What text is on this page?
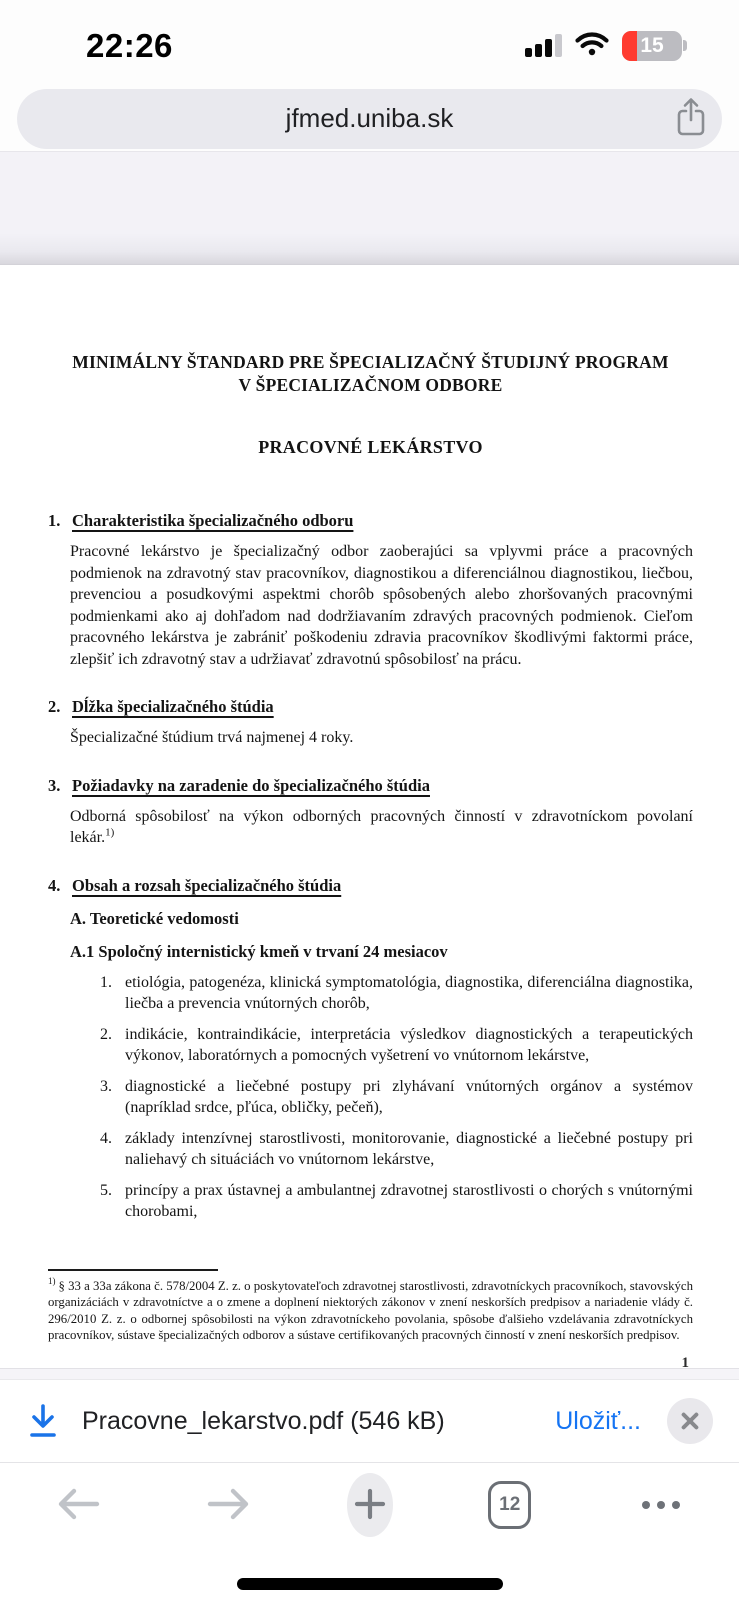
22:26	15
jfmed.uniba.sk
MINIMÁLNY ŠTANDARD PRE ŠPECIALIZAČNÝ ŠTUDIJNÝ PROGRAM
V ŠPECIALIZAČNOM ODBORE
PRACOVNÉ LEKÁRSTVO
1. Charakteristika špecializačného odboru
Pracovné lekárstvo je špecializačný odbor zaoberajúci sa vplyvmi práce a pracovných podmienok na zdravotný stav pracovníkov, diagnostikou a diferenciálnou diagnostikou, liečbou, prevenciou a posudkovými aspektmi chorôb spôsobených alebo zhoršovaných pracovnými podmienkami ako aj dohľadom nad dodržiavaním zdravých pracovných podmienok. Cieľom pracovného lekárstva je zabrániť poškodeniu zdravia pracovníkov škodlivými faktormi práce, zlepšiť ich zdravotný stav a udržiavať zdravotnú spôsobilosť na prácu.
2. Dĺžka špecializačného štúdia
Špecializačné štúdium trvá najmenej 4 roky.
3. Požiadavky na zaradenie do špecializačného štúdia
Odborná spôsobilosť na výkon odborných pracovných činností v zdravotníckom povolaní lekár.$^{1)}$
4. Obsah a rozsah špecializačného štúdia
A. Teoretické vedomosti
A.1 Spoločný internistický kmeň v trvaní 24 mesiacov
1. etiológia, patogenéza, klinická symptomatológia, diagnostika, diferenciálna diagnostika, liečba a prevencia vnútorných chorôb,
2. indikácie, kontraindikácie, interpretácia výsledkov diagnostických a terapeutických výkonov, laboratórnych a pomocných vyšetrení vo vnútornom lekárstve,
3. diagnostické a liečebné postupy pri zlyhávaní vnútorných orgánov a systémov (napríklad srdce, pľúca, obličky, pečeň),
4. základy intenzívnej starostlivosti, monitorovanie, diagnostické a liečebné postupy pri naliehavý ch situáciách vo vnútornom lekárstve,
5. princípy a prax ústavnej a ambulantnej zdravotnej starostlivosti o chorých s vnútornými chorobami,
$^{1)}$ § 33 a 33a zákona č. 578/2004 Z. z. o poskytovateľoch zdravotnej starostlivosti, zdravotníckych pracovníkoch, stavovských organizáciách v zdravotníctve a o zmene a doplnení niektorých zákonov v znení neskorších predpisov a nariadenie vlády č. 296/2010 Z. z. o odbornej spôsobilosti na výkon zdravotníckeho povolania, spôsobe ďalšieho vzdelávania zdravotníckych pracovníkov, sústave špecializačných odborov a sústave certifikovaných pracovných činností v znení neskorších predpisov.
1
Pracovne_lekarstvo.pdf (546 kB)	Uložiť...
12
